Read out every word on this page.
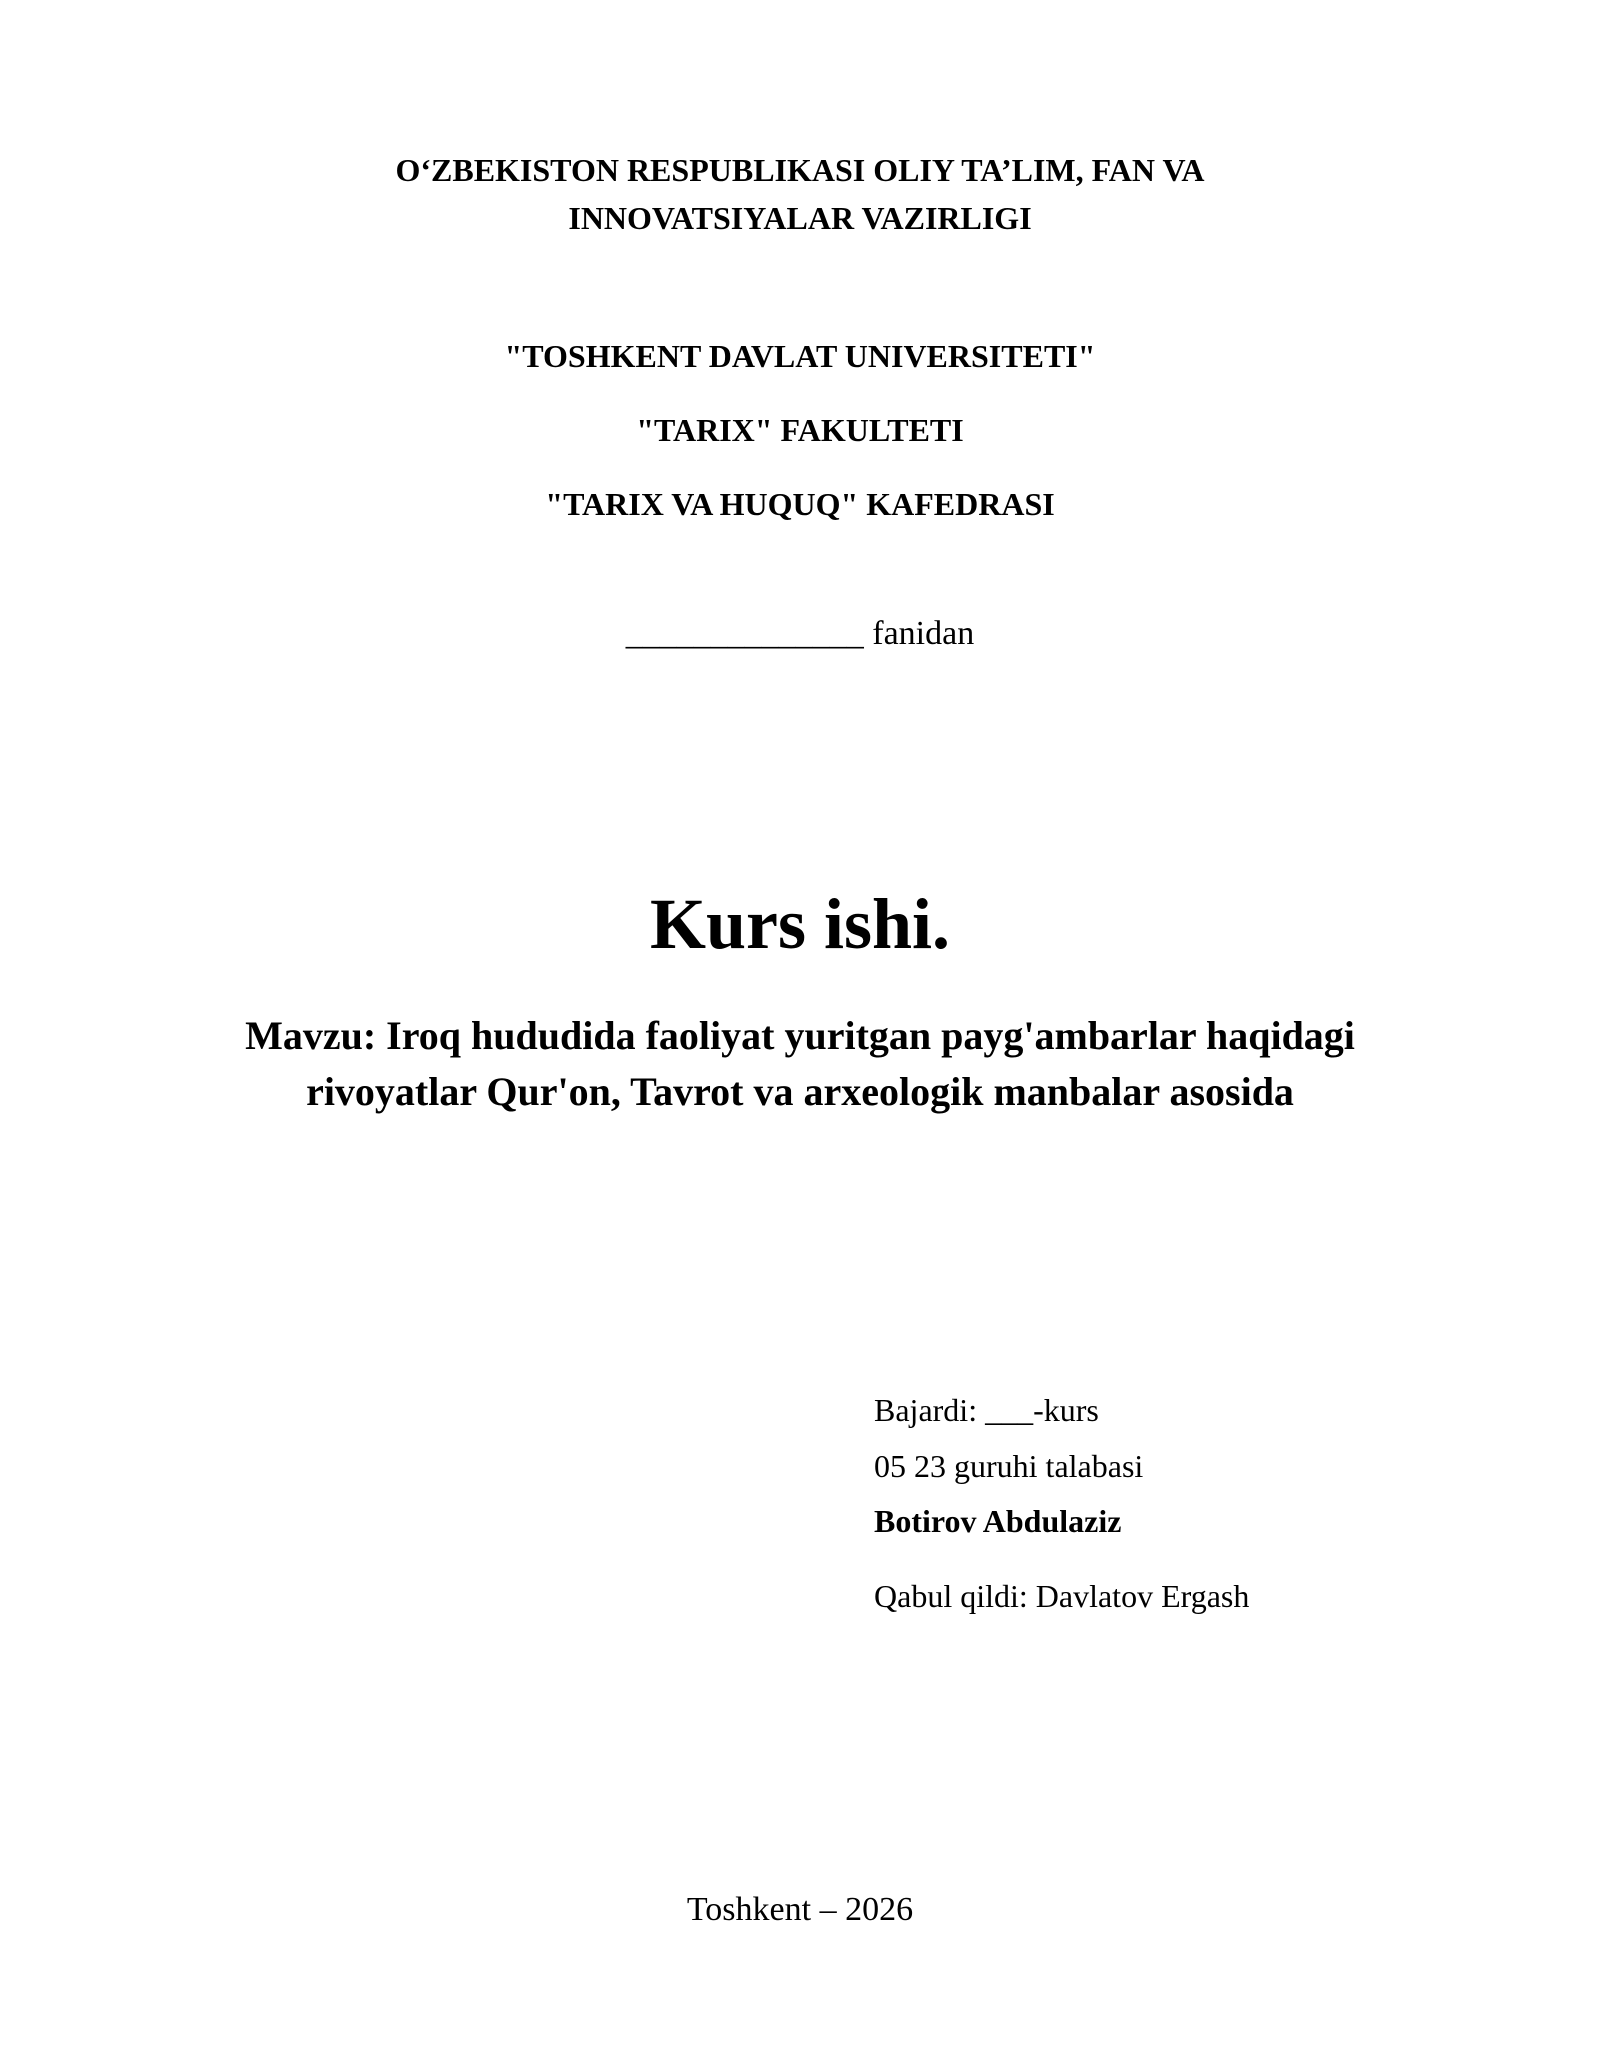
O‘ZBEKISTON RESPUBLIKASI OLIY TA’LIM, FAN VA
INNOVATSIYALAR VAZIRLIGI
"TOSHKENT DAVLAT UNIVERSITETI"
"TARIX" FAKULTETI
"TARIX VA HUQUQ" KAFEDRASI
______________ fanidan
Kurs ishi.
Mavzu: Iroq hududida faoliyat yuritgan payg'ambarlar haqidagi
rivoyatlar Qur'on, Tavrot va arxeologik manbalar asosida
Bajardi: ___-kurs
05 23 guruhi talabasi
Botirov Abdulaziz
Qabul qildi: Davlatov Ergash
Toshkent – 2026
